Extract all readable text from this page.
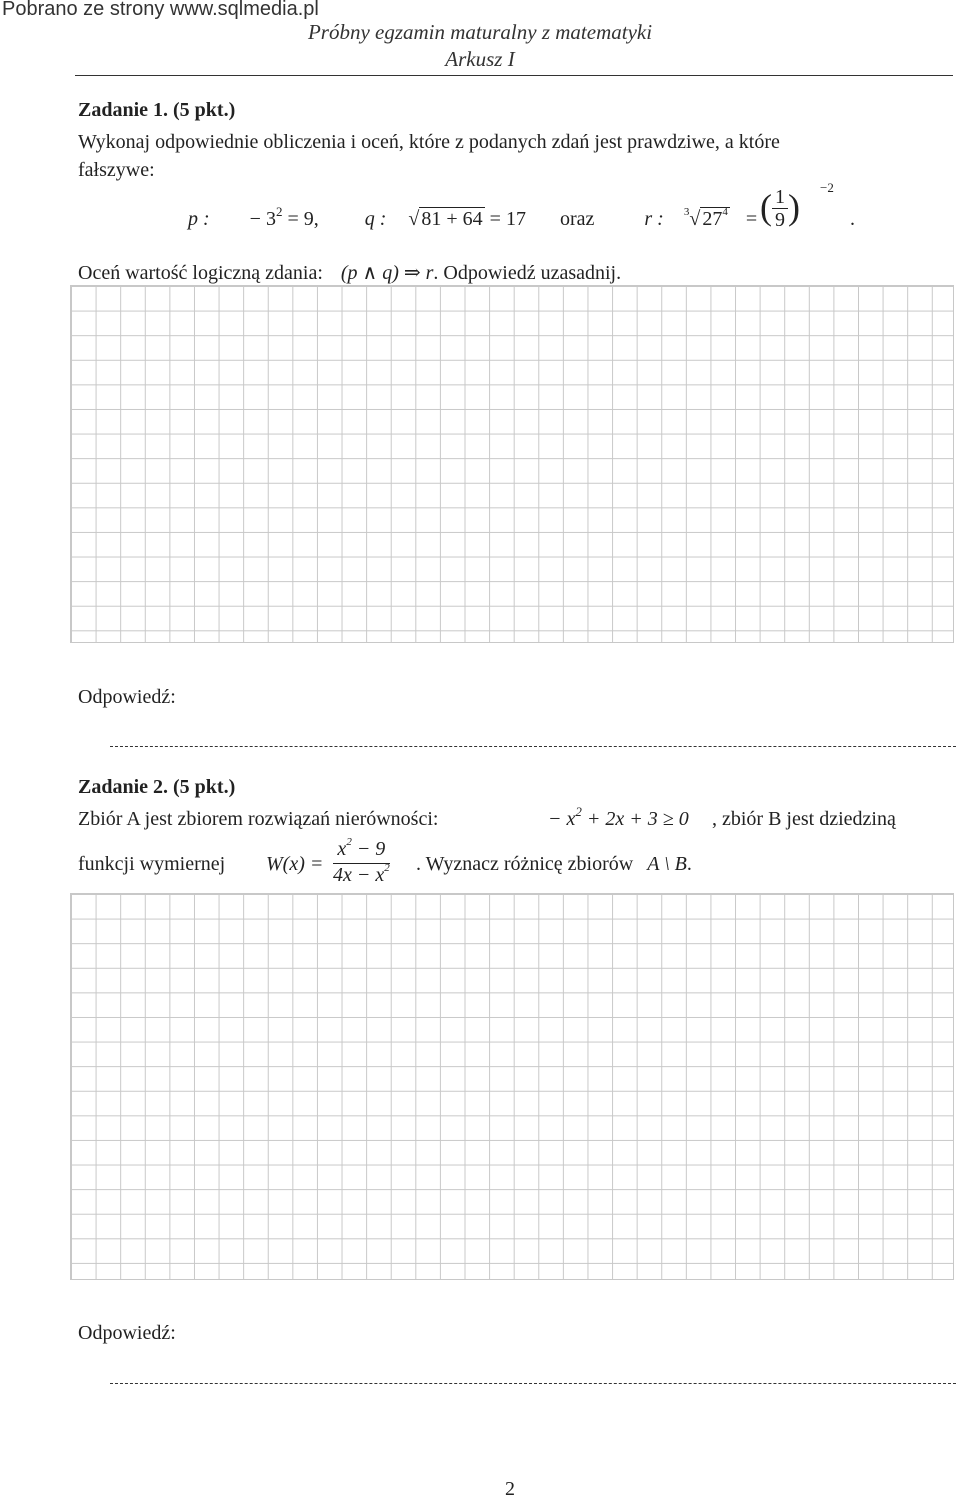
Pobrano ze strony www.sqlmedia.pl
Próbny egzamin maturalny z matematyki
Arkusz I
Zadanie 1. (5 pkt.)
Wykonaj odpowiednie obliczenia i oceń, które z podanych zdań jest prawdziwe, a które
fałszywe:
p : − $3^2 = 9$, q : √ 81 + 64 = 17 oraz	r : $^3$√ $27^4$ = ( $\frac{1}{9}$ ) −2
.
Oceń wartość logiczną zdania: (p ∧ q) ⇒ r. Odpowiedź uzasadnij.
Odpowiedź:
Zadanie 2. (5 pkt.)
Zbiór A jest zbiorem rozwiązań nierówności:	− $x^2 + 2x + 3 \ge 0$ , zbiór B jest dziedziną
funkcji wymiernej $W(x) = \frac{x^2 - 9}{4x - x^2}$ . Wyznacz różnicę zbiorów A \ B.
Odpowiedź:
2
